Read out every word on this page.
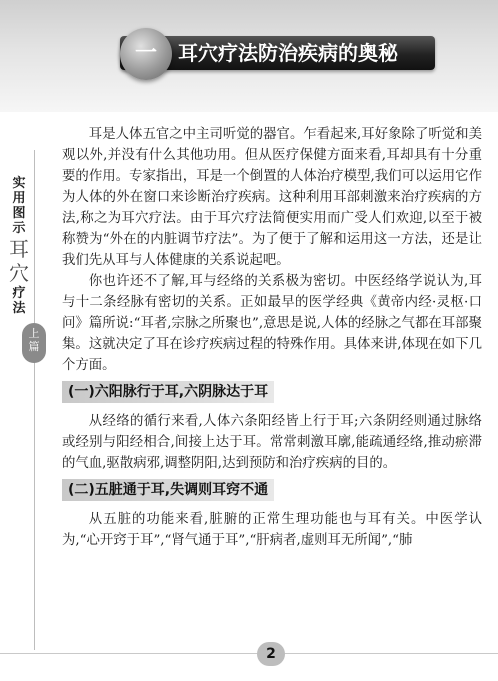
一	耳穴疗法防治疾病的奥秘
实
用
图
示
耳
穴
疗
法
上
篇

耳是人体五官之中主司听觉的器官。乍看起来,耳好象除了听觉和美观以外,并没有什么其他功用。但从医疗保健方面来看,耳却具有十分重要的作用。专家指出，耳是一个倒置的人体治疗模型,我们可以运用它作为人体的外在窗口来诊断治疗疾病。这种利用耳部刺激来治疗疾病的方法,称之为耳穴疗法。由于耳穴疗法简便实用而广受人们欢迎,以至于被称赞为“外在的内脏调节疗法”。为了便于了解和运用这一方法，还是让我们先从耳与人体健康的关系说起吧。

你也许还不了解,耳与经络的关系极为密切。中医经络学说认为,耳与十二条经脉有密切的关系。正如最早的医学经典《黄帝内经·灵枢·口问》篇所说:“耳者,宗脉之所聚也”,意思是说,人体的经脉之气都在耳部聚集。这就决定了耳在诊疗疾病过程的特殊作用。具体来讲,体现在如下几个方面。

(一)六阳脉行于耳,六阴脉达于耳

从经络的循行来看,人体六条阳经皆上行于耳;六条阴经则通过脉络或经别与阳经相合,间接上达于耳。常常刺激耳廓,能疏通经络,推动瘀滞的气血,驱散病邪,调整阴阳,达到预防和治疗疾病的目的。

(二)五脏通于耳,失调则耳窍不通

从五脏的功能来看,脏腑的正常生理功能也与耳有关。中医学认为,“心开窍于耳”,“肾气通于耳”,“肝病者,虚则耳无所闻”,“肺

2
